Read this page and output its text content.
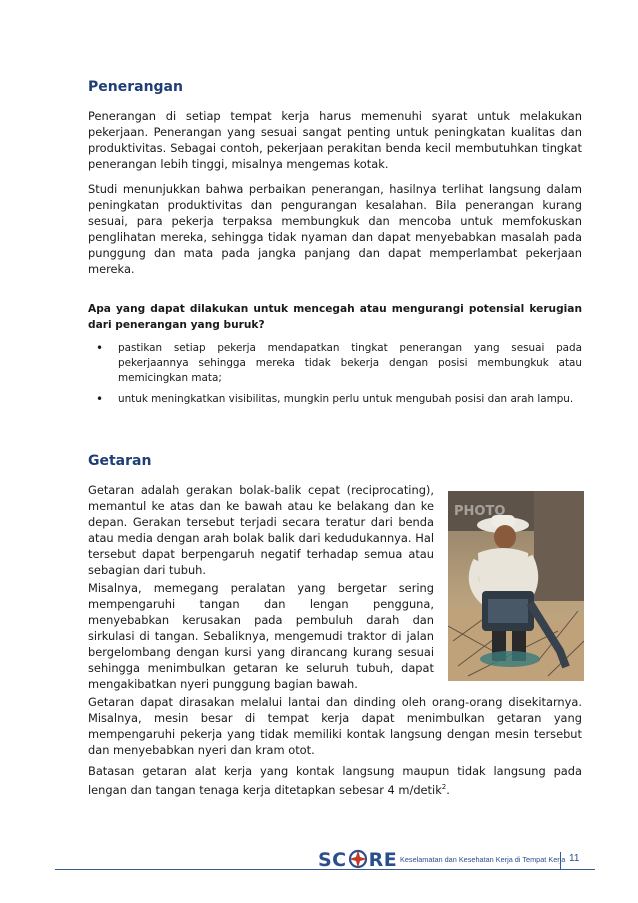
Penerangan

Penerangan di setiap tempat kerja harus memenuhi syarat untuk melakukan pekerjaan. Penerangan yang sesuai sangat penting untuk peningkatan kualitas dan produktivitas. Sebagai contoh, pekerjaan perakitan benda kecil membutuhkan tingkat penerangan lebih tinggi, misalnya mengemas kotak.

Studi menunjukkan bahwa perbaikan penerangan, hasilnya terlihat langsung dalam peningkatan produktivitas dan pengurangan kesalahan. Bila penerangan kurang sesuai, para pekerja terpaksa membungkuk dan mencoba untuk memfokuskan penglihatan mereka, sehingga tidak nyaman dan dapat menyebabkan masalah pada punggung dan mata pada jangka panjang dan dapat memperlambat pekerjaan mereka.

Apa yang dapat dilakukan untuk mencegah atau mengurangi potensial kerugian dari penerangan yang buruk?
• pastikan setiap pekerja mendapatkan tingkat penerangan yang sesuai pada pekerjaannya sehingga mereka tidak bekerja dengan posisi membungkuk atau memicingkan mata;
• untuk meningkatkan visibilitas, mungkin perlu untuk mengubah posisi dan arah lampu.
Getaran

Getaran adalah gerakan bolak-balik cepat (reciprocating), memantul ke atas dan ke bawah atau ke belakang dan ke depan. Gerakan tersebut terjadi secara teratur dari benda atau media dengan arah bolak balik dari kedudukannya. Hal tersebut dapat berpengaruh negatif terhadap semua atau sebagian dari tubuh.

Misalnya, memegang peralatan yang bergetar sering mempengaruhi tangan dan lengan pengguna, menyebabkan kerusakan pada pembuluh darah dan sirkulasi di tangan. Sebaliknya, mengemudi traktor di jalan bergelombang dengan kursi yang dirancang kurang sesuai sehingga menimbulkan getaran ke seluruh tubuh, dapat mengakibatkan nyeri punggung bagian bawah.

PHOTO

Getaran dapat dirasakan melalui lantai dan dinding oleh orang-orang disekitarnya. Misalnya, mesin besar di tempat kerja dapat menimbulkan getaran yang mempengaruhi pekerja yang tidak memiliki kontak langsung dengan mesin tersebut dan menyebabkan nyeri dan kram otot.

Batasan getaran alat kerja yang kontak langsung maupun tidak langsung pada lengan dan tangan tenaga kerja ditetapkan sebesar 4 m/detik$^2$.

SC RE Keselamatan dan Kesehatan Kerja di Tempat Kerja 11
